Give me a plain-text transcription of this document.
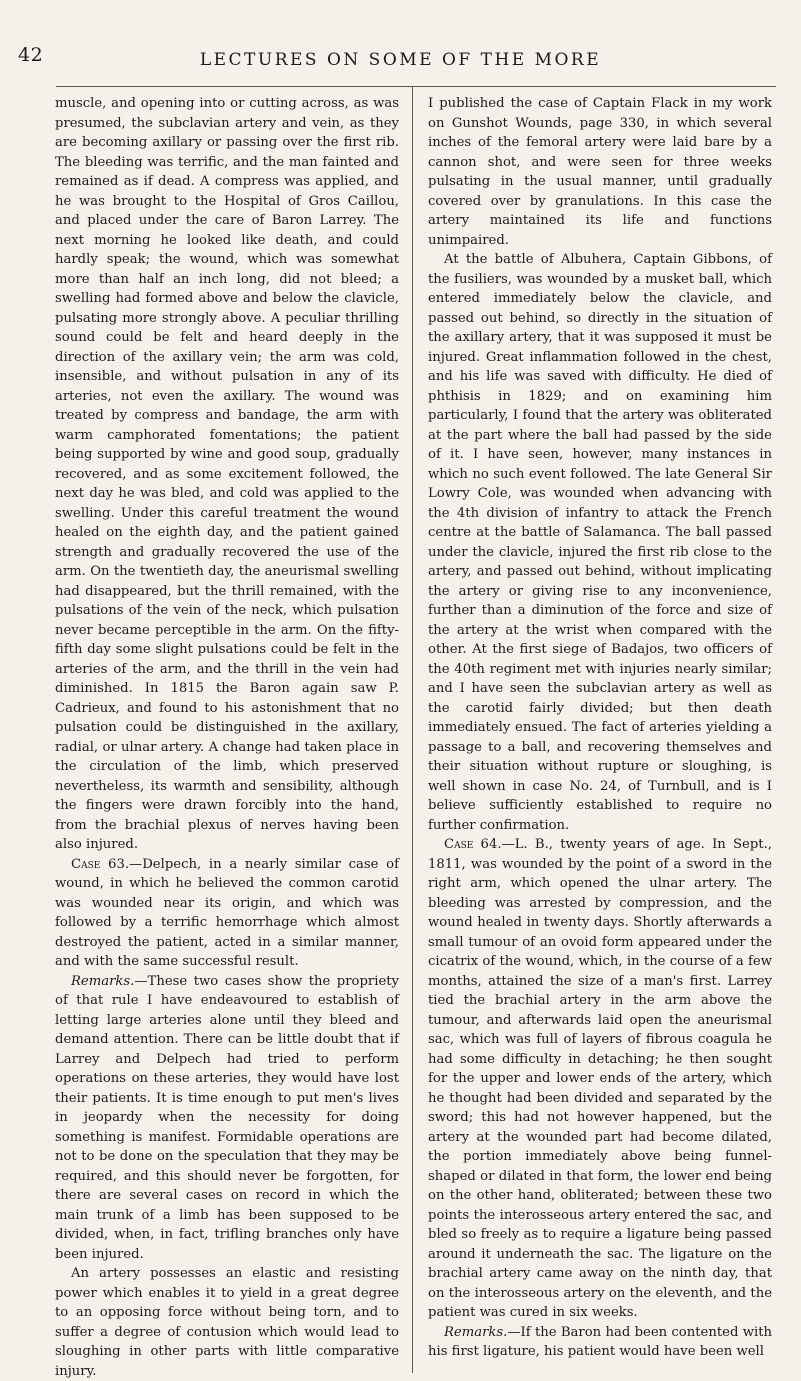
42	LECTURES ON SOME OF THE MORE

muscle, and opening into or cutting across, as was presumed, the subclavian artery and vein, as they are becoming axillary or passing over the first rib. The bleeding was terrific, and the man fainted and remained as if dead. A compress was applied, and he was brought to the Hospital of Gros Caillou, and placed under the care of Baron Larrey. The next morning he looked like death, and could hardly speak; the wound, which was somewhat more than half an inch long, did not bleed; a swelling had formed above and below the clavicle, pulsating more strongly above. A peculiar thrilling sound could be felt and heard deeply in the direction of the axillary vein; the arm was cold, insensible, and without pulsation in any of its arteries, not even the axillary. The wound was treated by compress and bandage, the arm with warm camphorated fomentations; the patient being supported by wine and good soup, gradually recovered, and as some excitement followed, the next day he was bled, and cold was applied to the swelling. Under this careful treatment the wound healed on the eighth day, and the patient gained strength and gradually recovered the use of the arm. On the twentieth day, the aneurismal swelling had disappeared, but the thrill remained, with the pulsations of the vein of the neck, which pulsation never became perceptible in the arm. On the fifty-fifth day some slight pulsations could be felt in the arteries of the arm, and the thrill in the vein had diminished. In 1815 the Baron again saw P. Cadrieux, and found to his astonishment that no pulsation could be distinguished in the axillary, radial, or ulnar artery. A change had taken place in the circulation of the limb, which preserved nevertheless, its warmth and sensibility, although the fingers were drawn forcibly into the hand, from the brachial plexus of nerves having been also injured.

Case 63.—Delpech, in a nearly similar case of wound, in which he believed the common carotid was wounded near its origin, and which was followed by a terrific hemorrhage which almost destroyed the patient, acted in a similar manner, and with the same successful result.

Remarks.—These two cases show the propriety of that rule I have endeavoured to establish of letting large arteries alone until they bleed and demand attention. There can be little doubt that if Larrey and Delpech had tried to perform operations on these arteries, they would have lost their patients. It is time enough to put men's lives in jeopardy when the necessity for doing something is manifest. Formidable operations are not to be done on the speculation that they may be required, and this should never be forgotten, for there are several cases on record in which the main trunk of a limb has been supposed to be divided, when, in fact, trifling branches only have been injured.

An artery possesses an elastic and resisting power which enables it to yield in a great degree to an opposing force without being torn, and to suffer a degree of contusion which would lead to sloughing in other parts with little comparative injury.

I published the case of Captain Flack in my work on Gunshot Wounds, page 330, in which several inches of the femoral artery were laid bare by a cannon shot, and were seen for three weeks pulsating in the usual manner, until gradually covered over by granulations. In this case the artery maintained its life and functions unimpaired.

At the battle of Albuhera, Captain Gibbons, of the fusiliers, was wounded by a musket ball, which entered immediately below the clavicle, and passed out behind, so directly in the situation of the axillary artery, that it was supposed it must be injured. Great inflammation followed in the chest, and his life was saved with difficulty. He died of phthisis in 1829; and on examining him particularly, I found that the artery was obliterated at the part where the ball had passed by the side of it. I have seen, however, many instances in which no such event followed. The late General Sir Lowry Cole, was wounded when advancing with the 4th division of infantry to attack the French centre at the battle of Salamanca. The ball passed under the clavicle, injured the first rib close to the artery, and passed out behind, without implicating the artery or giving rise to any inconvenience, further than a diminution of the force and size of the artery at the wrist when compared with the other. At the first siege of Badajos, two officers of the 40th regiment met with injuries nearly similar; and I have seen the subclavian artery as well as the carotid fairly divided; but then death immediately ensued. The fact of arteries yielding a passage to a ball, and recovering themselves and their situation without rupture or sloughing, is well shown in case No. 24, of Turnbull, and is I believe sufficiently established to require no further confirmation.

Case 64.—L. B., twenty years of age. In Sept., 1811, was wounded by the point of a sword in the right arm, which opened the ulnar artery. The bleeding was arrested by compression, and the wound healed in twenty days. Shortly afterwards a small tumour of an ovoid form appeared under the cicatrix of the wound, which, in the course of a few months, attained the size of a man's first. Larrey tied the brachial artery in the arm above the tumour, and afterwards laid open the aneurismal sac, which was full of layers of fibrous coagula he had some difficulty in detaching; he then sought for the upper and lower ends of the artery, which he thought had been divided and separated by the sword; this had not however happened, but the artery at the wounded part had become dilated, the portion immediately above being funnel-shaped or dilated in that form, the lower end being on the other hand, obliterated; between these two points the interosseous artery entered the sac, and bled so freely as to require a ligature being passed around it underneath the sac. The ligature on the brachial artery came away on the ninth day, that on the interosseous artery on the eleventh, and the patient was cured in six weeks.

Remarks.—If the Baron had been contented with his first ligature, his patient would have been well
